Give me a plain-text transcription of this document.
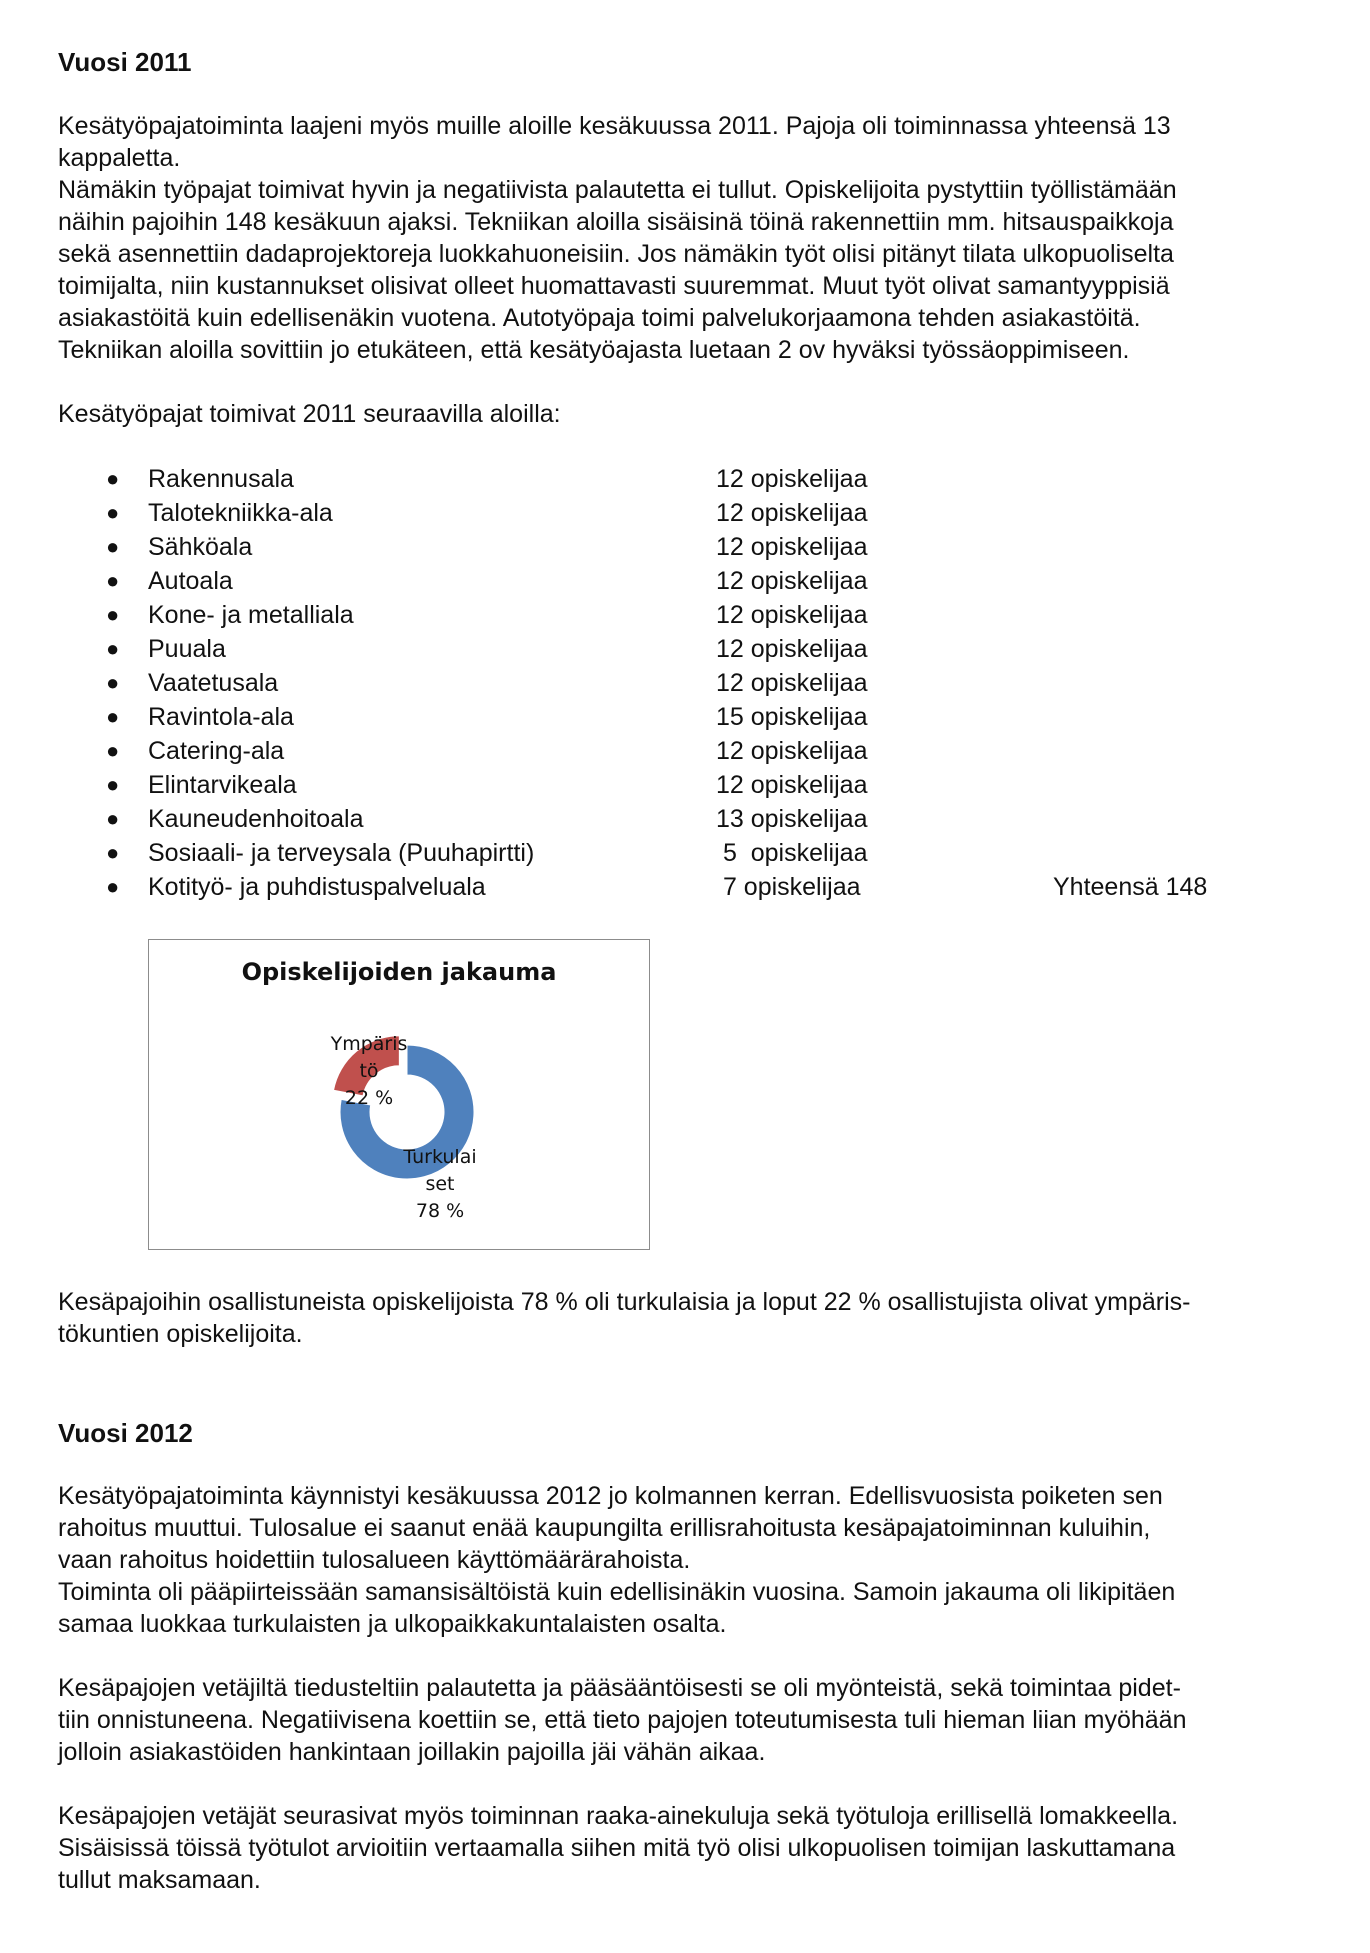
Vuosi 2011
Kesätyöpajatoiminta laajeni myös muille aloille kesäkuussa 2011. Pajoja oli toiminnassa yhteensä 13
kappaletta.
Nämäkin työpajat toimivat hyvin ja negatiivista palautetta ei tullut. Opiskelijoita pystyttiin työllistämään
näihin pajoihin 148 kesäkuun ajaksi. Tekniikan aloilla sisäisinä töinä rakennettiin mm. hitsauspaikkoja
sekä asennettiin dadaprojektoreja luokkahuoneisiin. Jos nämäkin työt olisi pitänyt tilata ulkopuoliselta
toimijalta, niin kustannukset olisivat olleet huomattavasti suuremmat. Muut työt olivat samantyyppisiä
asiakastöitä kuin edellisenäkin vuotena. Autotyöpaja toimi palvelukorjaamona tehden asiakastöitä.
Tekniikan aloilla sovittiin jo etukäteen, että kesätyöajasta luetaan 2 ov hyväksi työssäoppimiseen.
Kesätyöpajat toimivat 2011 seuraavilla aloilla:
● Rakennusala	12 opiskelijaa
● Talotekniikka-ala	12 opiskelijaa
● Sähköala	12 opiskelijaa
● Autoala	12 opiskelijaa
● Kone- ja metalliala	12 opiskelijaa
● Puuala	12 opiskelijaa
● Vaatetusala	12 opiskelijaa
● Ravintola-ala	15 opiskelijaa
● Catering-ala	12 opiskelijaa
● Elintarvikeala	12 opiskelijaa
● Kauneudenhoitoala	13 opiskelijaa
● Sosiaali- ja terveysala (Puuhapirtti)	5  opiskelijaa
● Kotityö- ja puhdistuspalveluala	7 opiskelijaa	Yhteensä 148
Opiskelijoiden jakauma
Ympäris
tö
22 %
Turkulai
set
78 %
Kesäpajoihin osallistuneista opiskelijoista 78 % oli turkulaisia ja loput 22 % osallistujista olivat ympäris-
tökuntien opiskelijoita.
Vuosi 2012
Kesätyöpajatoiminta käynnistyi kesäkuussa 2012 jo kolmannen kerran. Edellisvuosista poiketen sen
rahoitus muuttui. Tulosalue ei saanut enää kaupungilta erillisrahoitusta kesäpajatoiminnan kuluihin,
vaan rahoitus hoidettiin tulosalueen käyttömäärärahoista.
Toiminta oli pääpiirteissään samansisältöistä kuin edellisinäkin vuosina. Samoin jakauma oli likipitäen
samaa luokkaa turkulaisten ja ulkopaikkakuntalaisten osalta.
Kesäpajojen vetäjiltä tiedusteltiin palautetta ja pääsääntöisesti se oli myönteistä, sekä toimintaa pidet-
tiin onnistuneena. Negatiivisena koettiin se, että tieto pajojen toteutumisesta tuli hieman liian myöhään
jolloin asiakastöiden hankintaan joillakin pajoilla jäi vähän aikaa.
Kesäpajojen vetäjät seurasivat myös toiminnan raaka-ainekuluja sekä työtuloja erillisellä lomakkeella.
Sisäisissä töissä työtulot arvioitiin vertaamalla siihen mitä työ olisi ulkopuolisen toimijan laskuttamana
tullut maksamaan.
